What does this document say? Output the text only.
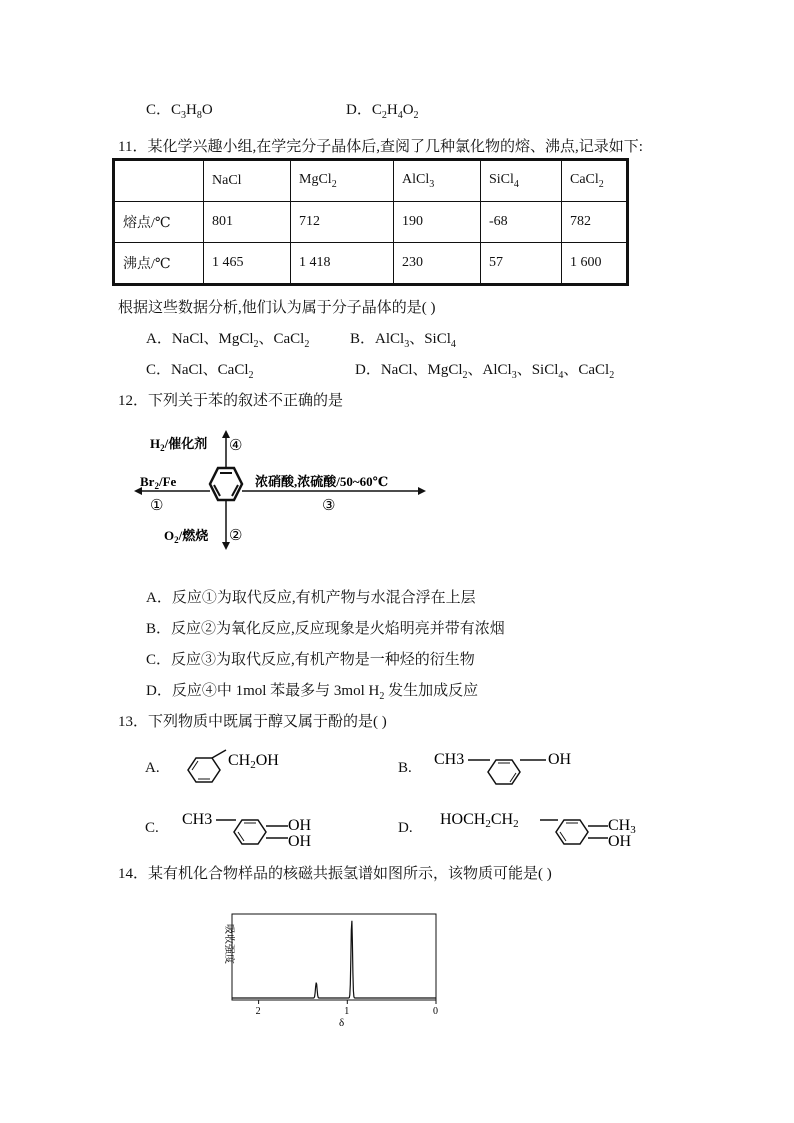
C．$C_3H_8O$	D．$C_2H_4O_2$
11．某化学兴趣小组,在学完分子晶体后,查阅了几种氯化物的熔、沸点,记录如下:
	NaCl	MgCl$_2$	AlCl$_3$	SiCl$_4$	CaCl$_2$
熔点/℃	801	712	190	-68	782
沸点/℃	1 465	1 418	230	57	1 600
根据这些数据分析,他们认为属于分子晶体的是( )
A．NaCl、MgCl$_2$、CaCl$_2$	B．AlCl$_3$、SiCl$_4$
C．NaCl、CaCl$_2$	D．NaCl、MgCl$_2$、AlCl$_3$、SiCl$_4$、CaCl$_2$
12．下列关于苯的叙述不正确的是
$H_2/$催化剂 ④
$Br_2/Fe$
①
浓硝酸,浓硫酸/50~60℃
③
$O_2/$燃烧 ②
A．反应①为取代反应,有机产物与水混合浮在上层
B．反应②为氧化反应,反应现象是火焰明亮并带有浓烟
C．反应③为取代反应,有机产物是一种烃的衍生物
D．反应④中 1mol 苯最多与 3mol $H_2$ 发生加成反应
13．下列物质中既属于醇又属于酚的是( )
A.	CH2OH	B. CH3	OH
C. CH3	OH
OH
D. HOCH2CH2	CH3
OH
14．某有机化合物样品的核磁共振氢谱如图所示，该物质可能是( )
吸收强度
2	1	0
δ
